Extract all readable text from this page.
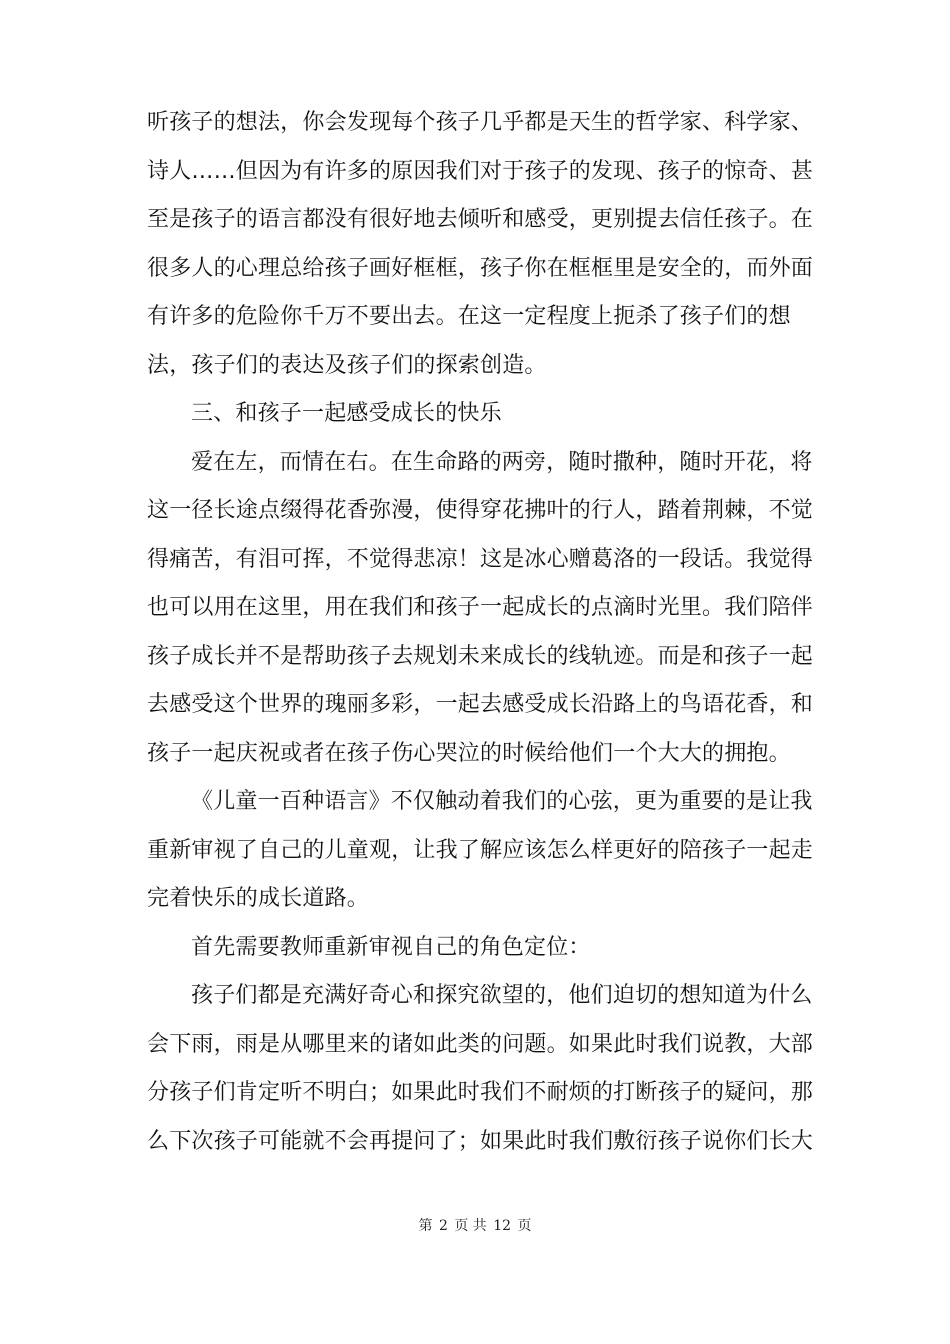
听孩子的想法，你会发现每个孩子几乎都是天生的哲学家、科学家、
诗人……但因为有许多的原因我们对于孩子的发现、孩子的惊奇、甚
至是孩子的语言都没有很好地去倾听和感受，更别提去信任孩子。在
很多人的心理总给孩子画好框框，孩子你在框框里是安全的，而外面
有许多的危险你千万不要出去。在这一定程度上扼杀了孩子们的想
法，孩子们的表达及孩子们的探索创造。
三、和孩子一起感受成长的快乐
爱在左，而情在右。在生命路的两旁，随时撒种，随时开花，将
这一径长途点缀得花香弥漫，使得穿花拂叶的行人，踏着荆棘，不觉
得痛苦，有泪可挥，不觉得悲凉！这是冰心赠葛洛的一段话。我觉得
也可以用在这里，用在我们和孩子一起成长的点滴时光里。我们陪伴
孩子成长并不是帮助孩子去规划未来成长的线轨迹。而是和孩子一起
去感受这个世界的瑰丽多彩，一起去感受成长沿路上的鸟语花香，和
孩子一起庆祝或者在孩子伤心哭泣的时候给他们一个大大的拥抱。
《儿童一百种语言》不仅触动着我们的心弦，更为重要的是让我
重新审视了自己的儿童观，让我了解应该怎么样更好的陪孩子一起走
完着快乐的成长道路。
首先需要教师重新审视自己的角色定位：
孩子们都是充满好奇心和探究欲望的，他们迫切的想知道为什么
会下雨，雨是从哪里来的诸如此类的问题。如果此时我们说教，大部
分孩子们肯定听不明白；如果此时我们不耐烦的打断孩子的疑问，那
么下次孩子可能就不会再提问了；如果此时我们敷衍孩子说你们长大
第 2 页 共 12 页
